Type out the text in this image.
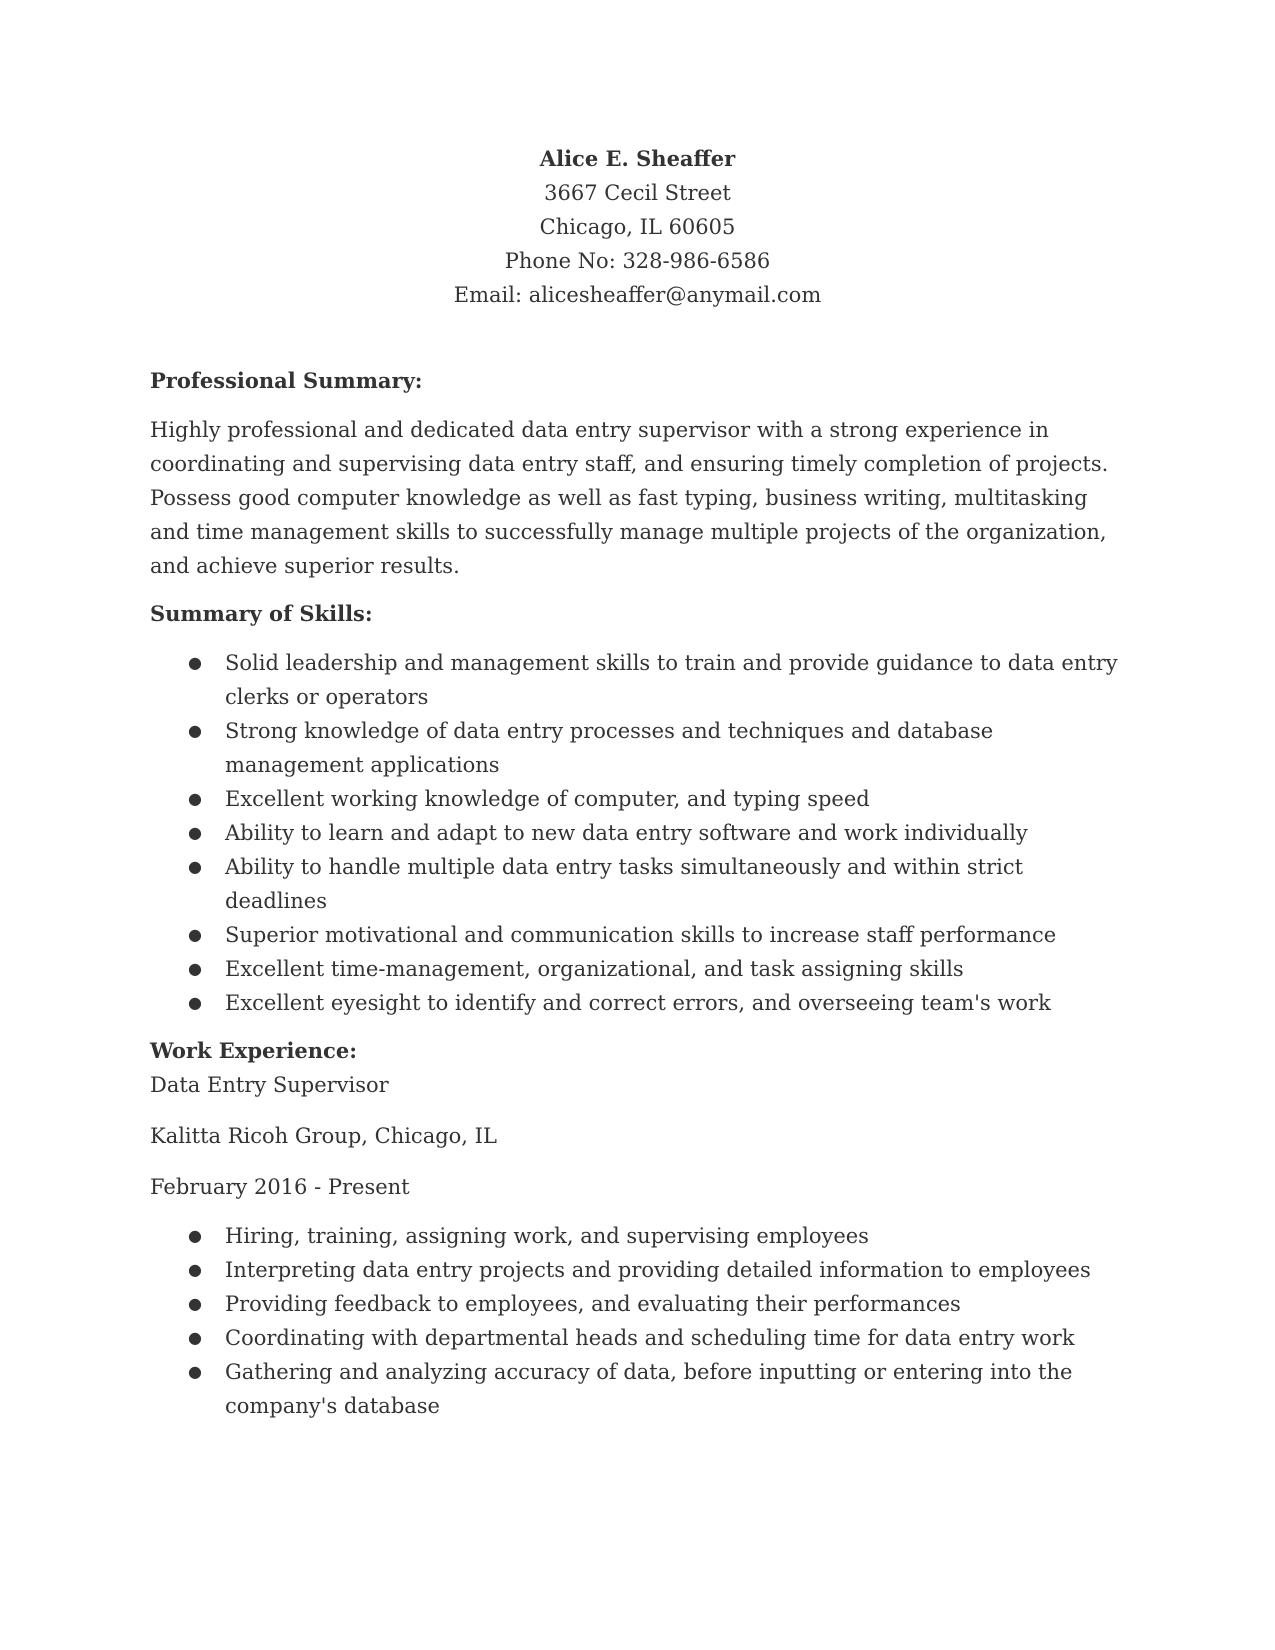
Alice E. Sheaffer
3667 Cecil Street
Chicago, IL 60605
Phone No: 328-986-6586
Email: alicesheaffer@anymail.com
Professional Summary:

Highly professional and dedicated data entry supervisor with a strong experience in coordinating and supervising data entry staff, and ensuring timely completion of projects. Possess good computer knowledge as well as fast typing, business writing, multitasking and time management skills to successfully manage multiple projects of the organization, and achieve superior results.

Summary of Skills:
● Solid leadership and management skills to train and provide guidance to data entry clerks or operators
● Strong knowledge of data entry processes and techniques and database management applications
● Excellent working knowledge of computer, and typing speed
● Ability to learn and adapt to new data entry software and work individually
● Ability to handle multiple data entry tasks simultaneously and within strict deadlines
● Superior motivational and communication skills to increase staff performance
● Excellent time-management, organizational, and task assigning skills
● Excellent eyesight to identify and correct errors, and overseeing team's work
Work Experience:

Data Entry Supervisor

Kalitta Ricoh Group, Chicago, IL

February 2016 - Present

● Hiring, training, assigning work, and supervising employees
● Interpreting data entry projects and providing detailed information to employees
● Providing feedback to employees, and evaluating their performances
● Coordinating with departmental heads and scheduling time for data entry work
● Gathering and analyzing accuracy of data, before inputting or entering into the company's database
